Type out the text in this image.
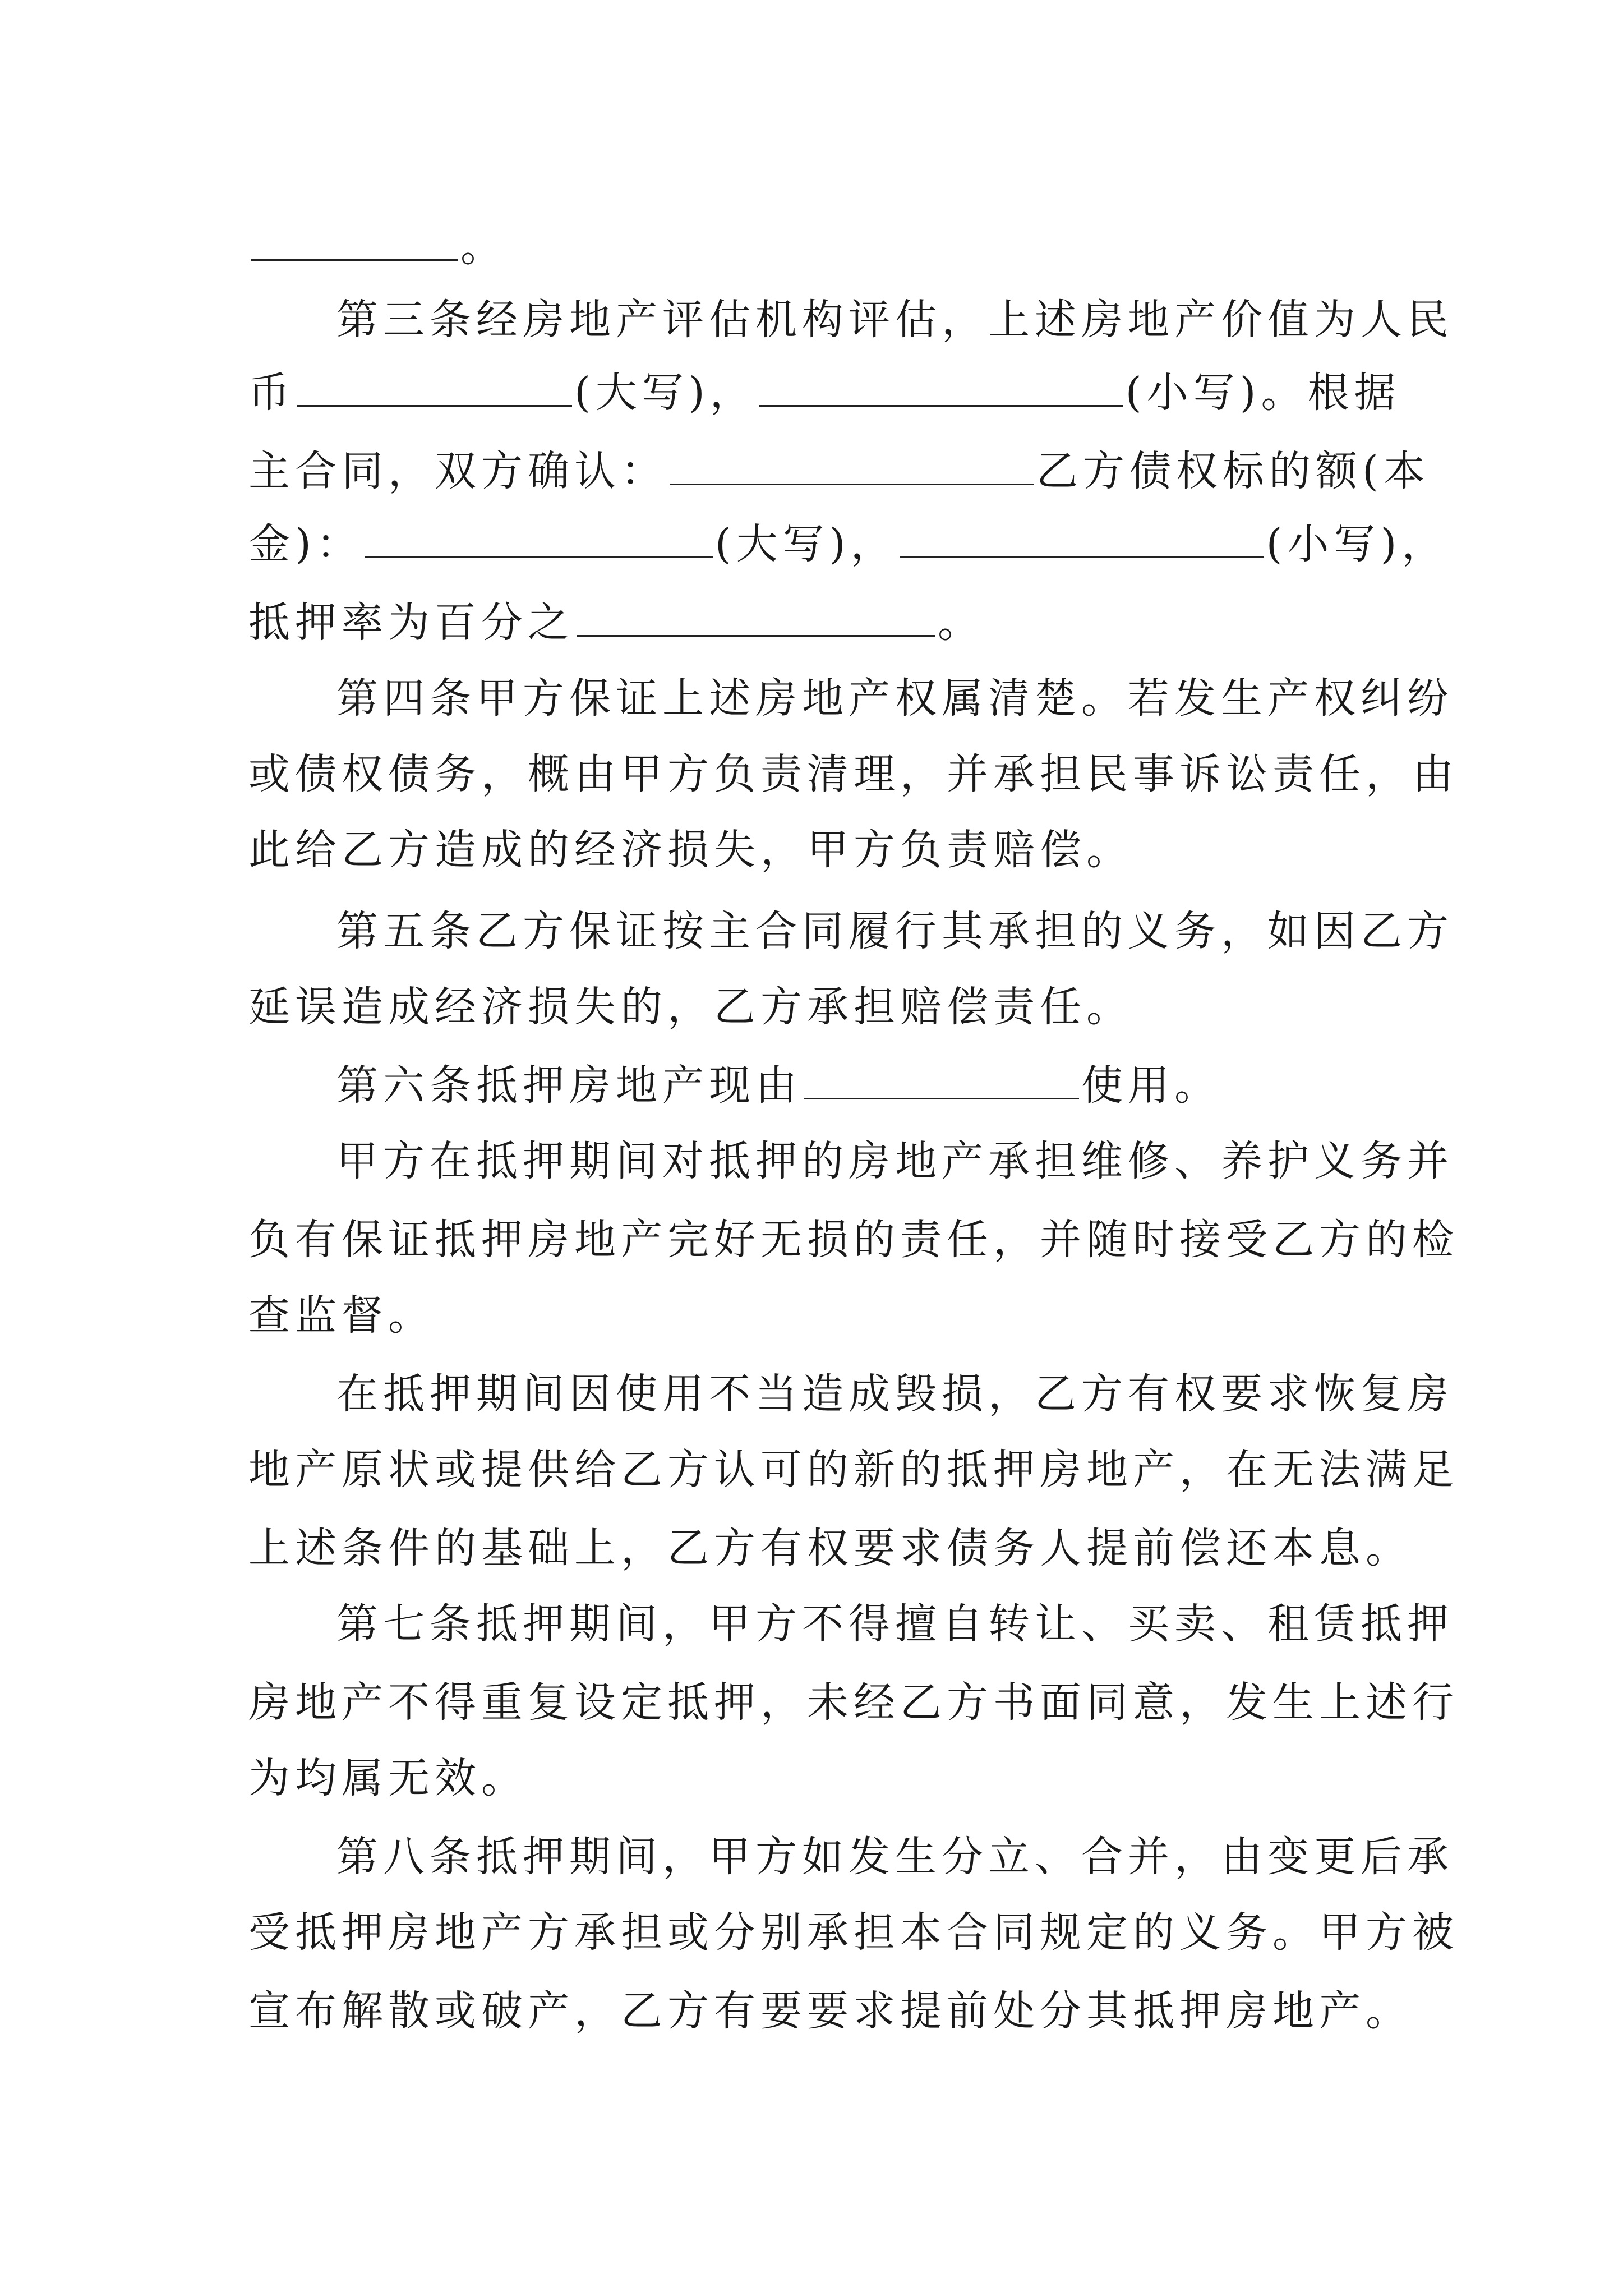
。
第三条经房地产评估机构评估，上述房地产价值为人民
币	(大写)，	(小写)。根据
主合同，双方确认：	乙方债权标的额(本
金)：	(大写)，	(小写)，
抵押率为百分之	。
第四条甲方保证上述房地产权属清楚。若发生产权纠纷
或债权债务，概由甲方负责清理，并承担民事诉讼责任，由
此给乙方造成的经济损失，甲方负责赔偿。
第五条乙方保证按主合同履行其承担的义务，如因乙方
延误造成经济损失的，乙方承担赔偿责任。
第六条抵押房地产现由	使用。
甲方在抵押期间对抵押的房地产承担维修、养护义务并
负有保证抵押房地产完好无损的责任，并随时接受乙方的检
查监督。
在抵押期间因使用不当造成毁损，乙方有权要求恢复房
地产原状或提供给乙方认可的新的抵押房地产，在无法满足
上述条件的基础上，乙方有权要求债务人提前偿还本息。
第七条抵押期间，甲方不得擅自转让、买卖、租赁抵押
房地产不得重复设定抵押，未经乙方书面同意，发生上述行
为均属无效。
第八条抵押期间，甲方如发生分立、合并，由变更后承
受抵押房地产方承担或分别承担本合同规定的义务。甲方被
宣布解散或破产，乙方有要要求提前处分其抵押房地产。
